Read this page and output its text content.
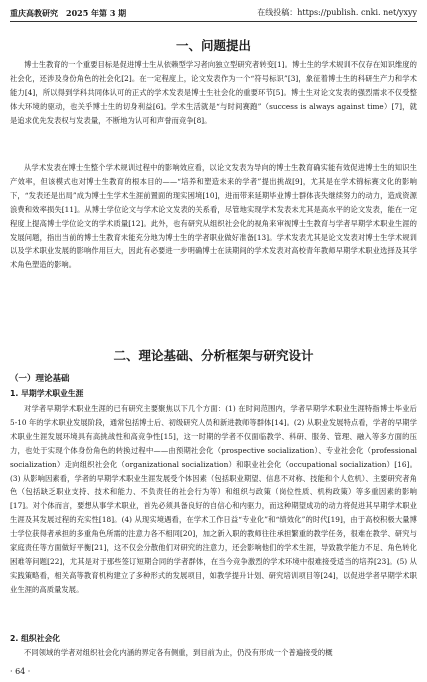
重庆高教研究　2025 年第 3 期	在线投稿：https://publish. cnki. net/yxyy
一、问题提出

博士生教育的一个重要目标是促进博士生从依赖型学习者向独立型研究者转变[1]。博士生的学术规训不仅存在知识维度的社会化，还涉及身份角色的社会化[2]。在一定程度上，论文发表作为一个“符号标识”[3]，象征着博士生的科研生产力和学术能力[4]，所以得到学科共同体认可的正式的学术发表是博士生社会化的重要环节[5]。博士生对论文发表的强烈需求不仅受整体大环境的驱动，也关乎博士生的切身利益[6]。学术生活就是“与时间赛跑”（success is always against time）[7]，就是追求优先发表权与发表量，不断地为认可和声誉而竞争[8]。

从学术发表在博士生整个学术规训过程中的影响效应看，以论文发表为导向的博士生教育确实能有效促进博士生的知识生产效率，但该模式也对博士生教育的根本目的——“培养和塑造未来的学者”提出挑战[9]，尤其是在学术锦标赛文化的影响下，“发表还是出局”成为博士生学术生涯前置面的现实困境[10]，进而带来延期毕业博士群体丧失继续努力的动力，造成资源浪费和效率损失[11]。从博士学位论文与学术论文发表的关系看，尽管地实现学术发表未尤其是高水平的论文发表，能在一定程度上提高博士学位论文的学术质量[12]。此外，也有研究从组织社会化的视角来审视博士生教育与学者早期学术职业生涯的发展问题，指出当前的博士生教育未能充分地为博士生的学者职业做好准备[13]。学术发表尤其是论文发表对博士生学术规训以及学术职业发展的影响作用巨大，因此有必要进一步明确博士在读期间的学术发表对高校青年教师早期学术职业选择及其学术角色塑造的影响。

二、理论基础、分析框架与研究设计
（一）理论基础
1. 早期学术职业生涯

对学者早期学术职业生涯的已有研究主要聚焦以下几个方面：(1) 在时间范围内，学者早期学术职业生涯特指博士毕业后 5-10 年的学术职业发展阶段，通常包括博士后、初级研究人员和新进教师等群体[14]。(2) 从职业发展特点看，学者的早期学术职业生涯发展环境具有高挑战性和高竞争性[15]，这一时期的学者不仅面临教学、科研、服务、管理、融入等多方面的压力，也处于实现个体身份角色的转换过程中——由预期社会化（prospective socialization）、专业社会化（professional socialization）走向组织社会化（organizational socialization）和职业社会化（occupational socialization）[16]。(3) 从影响因素看，学者的早期学术职业生涯发展受个体因素（包括职业期望、信息不对称、技能和个人危机）、主要研究者角色（包括缺乏职业支持、技术和能力、不负责任的社会行为等）和组织与政策（岗位性质、机构政策）等多重因素的影响[17]。对个体而言，要想从事学术职业，首先必须具备良好的自信心和内驱力，而这种期望成功的动力将促进其早期学术职业生涯及其发展过程的充实性[18]。(4) 从现实境遇看，在学术工作日益“专业化”和“绩效化”的时代[19]，由于高校积极大量博士学位获得者承担的多重角色所需的注意力各不相同[20]，加之新入职的教师往往承担繁重的教学任务，很难在教学、研究与家庭责任等方面做好平衡[21]，这不仅会分散他们对研究的注意力，还会影响他们的学术生涯，导致教学能力不足、角色转化困难等问题[22]，尤其是对于那些签订短期合同的学者群体，在当今竞争激烈的学术环境中很难接受适当的培养[23]。(5) 从实践策略看，相关高等教育机构建立了多种形式的发展项目，如教学提升计划、研究培训项目等[24]，以促进学者早期学术职业生涯的高质量发展。

2. 组织社会化

不同领域的学者对组织社会化内涵的界定各有侧重，到目前为止，仍没有形成一个普遍接受的概

· 64 ·
